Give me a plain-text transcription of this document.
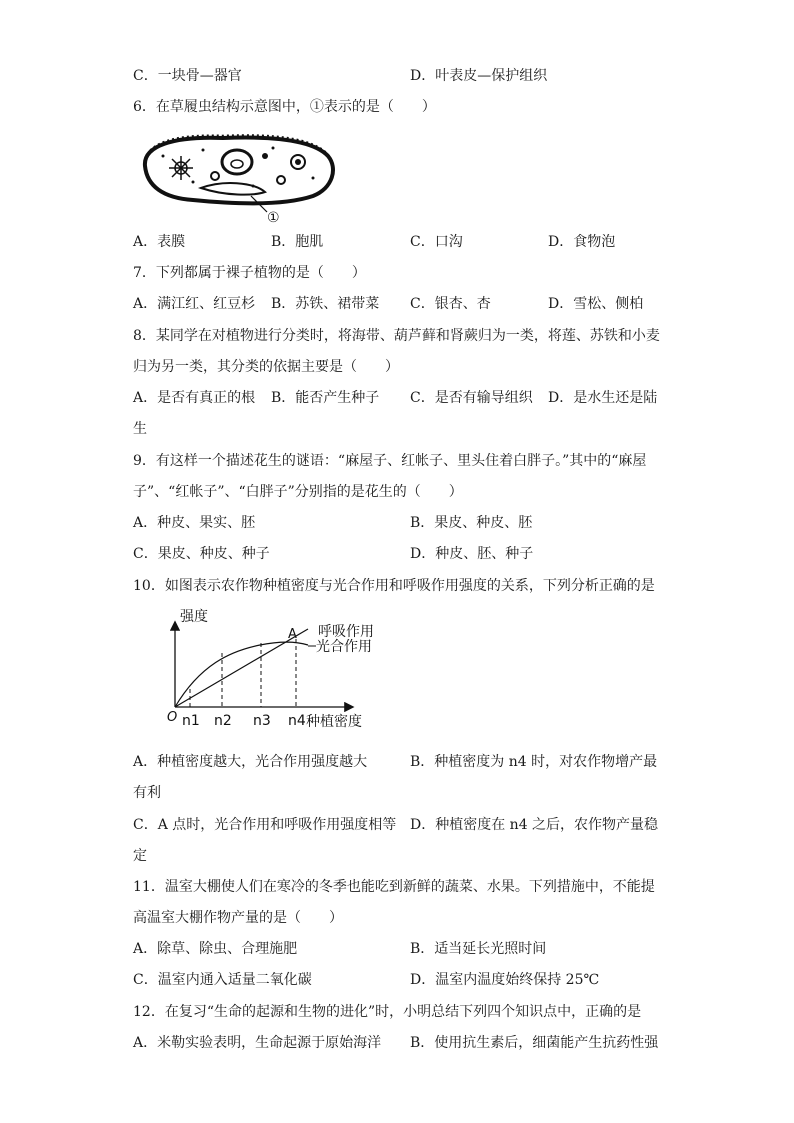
C．一块骨—器官	D．叶表皮—保护组织
6．在草履虫结构示意图中，①表示的是（　　）
①
A．表膜	B．胞肌	C．口沟	D．食物泡
7．下列都属于裸子植物的是（　　）
A．满江红、红豆杉 B．苏铁、裙带菜 C．银杏、杏	D．雪松、侧柏
8．某同学在对植物进行分类时，将海带、葫芦藓和肾蕨归为一类，将莲、苏铁和小麦
归为另一类，其分类的依据主要是（　　）
A．是否有真正的根 B．能否产生种子 C．是否有输导组织 D．是水生还是陆
生
9．有这样一个描述花生的谜语：“麻屋子、红帐子、里头住着白胖子。”其中的“麻屋
子”、“红帐子”、“白胖子”分别指的是花生的（　　）
A．种皮、果实、胚	B．果皮、种皮、胚
C．果皮、种皮、种子	D．种皮、胚、种子
10．如图表示农作物种植密度与光合作用和呼吸作用强度的关系，下列分析正确的是
强度
种植密度
O n1 n2 n3 n4
A 呼吸作用
光合作用
A．种植密度越大，光合作用强度越大	B．种植密度为 n4 时，对农作物增产最
有利
C．A 点时，光合作用和呼吸作用强度相等 D．种植密度在 n4 之后，农作物产量稳
定
11．温室大棚使人们在寒冷的冬季也能吃到新鲜的蔬菜、水果。下列措施中，不能提
高温室大棚作物产量的是（　　）
A．除草、除虫、合理施肥	B．适当延长光照时间
C．温室内通入适量二氧化碳	D．温室内温度始终保持 25℃
12．在复习“生命的起源和生物的进化”时，小明总结下列四个知识点中，正确的是
A．米勒实验表明，生命起源于原始海洋 B．使用抗生素后，细菌能产生抗药性强
